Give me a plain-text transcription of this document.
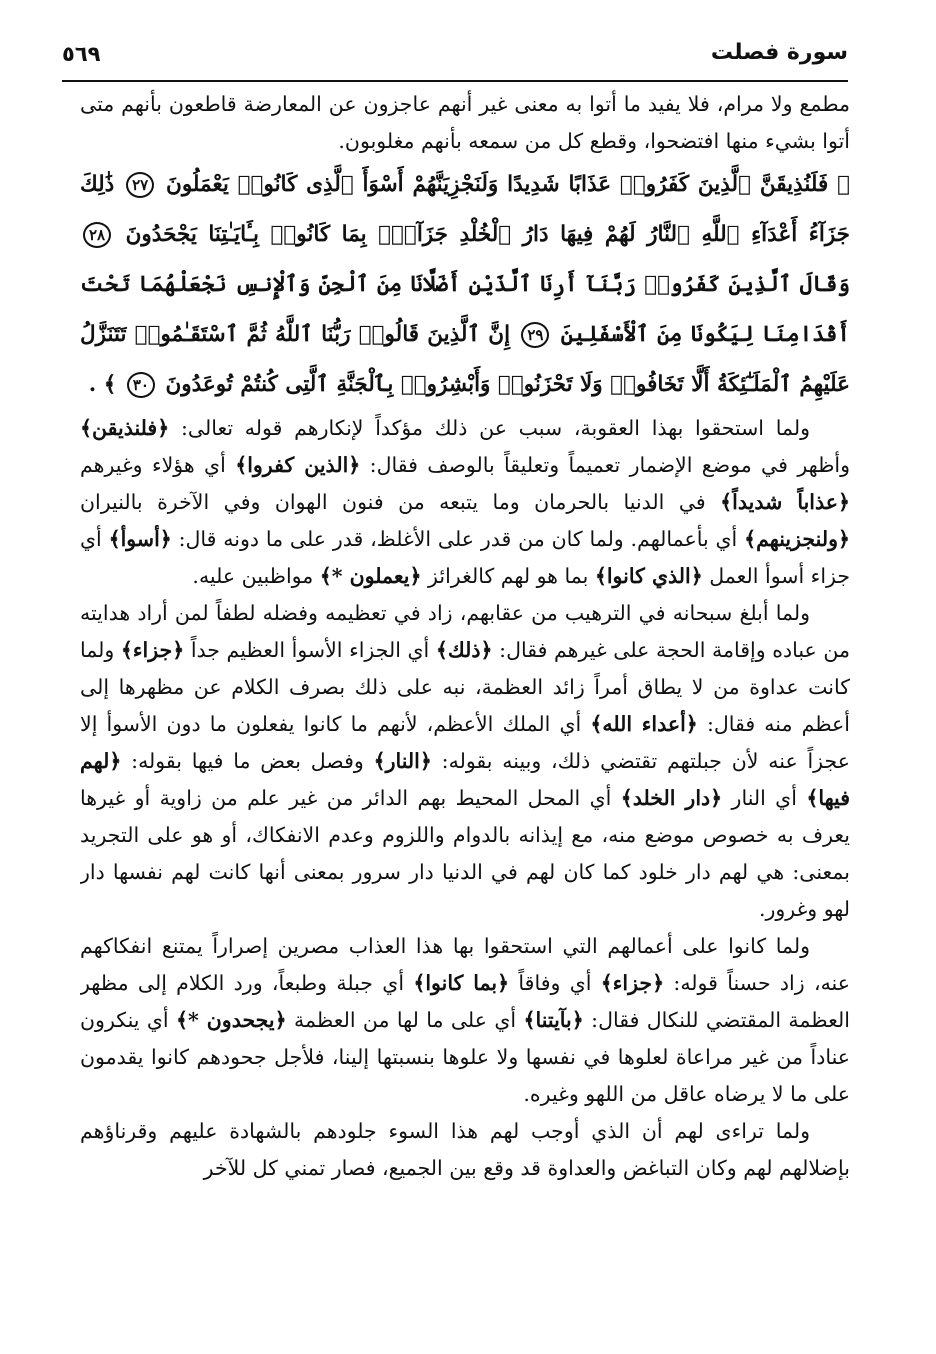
٥٦٩	سورة فصلت

مطمع ولا مرام، فلا يفيد ما أتوا به معنى غير أنهم عاجزون عن المعارضة قاطعون بأنهم متى أتوا بشيء منها افتضحوا، وقطع كل من سمعه بأنهم مغلوبون.

﴿ فَلَنُذِيقَنَّ ٱلَّذِينَ كَفَرُوا۟ عَذَابًا شَدِيدًا وَلَنَجْزِيَنَّهُمْ أَسْوَأَ ٱلَّذِى كَانُوا۟ يَعْمَلُونَ ٢٧ ذَٰلِكَ جَزَآءُ أَعْدَآءِ ٱللَّهِ ٱلنَّارُ لَهُمْ فِيهَا دَارُ ٱلْخُلْدِ جَزَآءًۢ بِمَا كَانُوا۟ بِـَٔايَـٰتِنَا يَجْحَدُونَ ٢٨ وَقَالَ ٱلَّذِينَ كَفَرُوا۟ رَبَّنَآ أَرِنَا ٱلَّذَيْنِ أَضَلَّانَا مِنَ ٱلْجِنِّ وَٱلْإِنسِ نَجْعَلْهُمَا تَحْتَ أَقْدَامِنَا لِيَكُونَا مِنَ ٱلْأَسْفَلِينَ ٢٩ إِنَّ ٱلَّذِينَ قَالُوا۟ رَبُّنَا ٱللَّهُ ثُمَّ ٱسْتَقَـٰمُوا۟ تَتَنَزَّلُ عَلَيْهِمُ ٱلْمَلَـٰٓئِكَةُ أَلَّا تَخَافُوا۟ وَلَا تَحْزَنُوا۟ وَأَبْشِرُوا۟ بِٱلْجَنَّةِ ٱلَّتِى كُنتُمْ تُوعَدُونَ ٣٠ ﴾ .

ولما استحقوا بهذا العقوبة، سبب عن ذلك مؤكداً لإنكارهم قوله تعالى: ﴿فلنذيقن﴾ وأظهر في موضع الإضمار تعميماً وتعليقاً بالوصف فقال: ﴿الذين كفروا﴾ أي هؤلاء وغيرهم ﴿عذاباً شديداً﴾ في الدنيا بالحرمان وما يتبعه من فنون الهوان وفي الآخرة بالنيران ﴿ولنجزينهم﴾ أي بأعمالهم. ولما كان من قدر على الأغلظ، قدر على ما دونه قال: ﴿أسوأ﴾ أي جزاء أسوأ العمل ﴿الذي كانوا﴾ بما هو لهم كالغرائز ﴿يعملون *﴾ مواظبين عليه.

ولما أبلغ سبحانه في الترهيب من عقابهم، زاد في تعظيمه وفضله لطفاً لمن أراد هدايته من عباده وإقامة الحجة على غيرهم فقال: ﴿ذلك﴾ أي الجزاء الأسوأ العظيم جداً ﴿جزاء﴾ ولما كانت عداوة من لا يطاق أمراً زائد العظمة، نبه على ذلك بصرف الكلام عن مظهرها إلى أعظم منه فقال: ﴿أعداء الله﴾ أي الملك الأعظم، لأنهم ما كانوا يفعلون ما دون الأسوأ إلا عجزاً عنه لأن جبلتهم تقتضي ذلك، وبينه بقوله: ﴿النار﴾ وفصل بعض ما فيها بقوله: ﴿لهم فيها﴾ أي النار ﴿دار الخلد﴾ أي المحل المحيط بهم الدائر من غير علم من زاوية أو غيرها يعرف به خصوص موضع منه، مع إيذانه بالدوام واللزوم وعدم الانفكاك، أو هو على التجريد بمعنى: هي لهم دار خلود كما كان لهم في الدنيا دار سرور بمعنى أنها كانت لهم نفسها دار لهو وغرور.

ولما كانوا على أعمالهم التي استحقوا بها هذا العذاب مصرين إصراراً يمتنع انفكاكهم عنه، زاد حسناً قوله: ﴿جزاء﴾ أي وفاقاً ﴿بما كانوا﴾ أي جبلة وطبعاً، ورد الكلام إلى مظهر العظمة المقتضي للنكال فقال: ﴿بآيتنا﴾ أي على ما لها من العظمة ﴿يجحدون *﴾ أي ينكرون عناداً من غير مراعاة لعلوها في نفسها ولا علوها بنسبتها إلينا، فلأجل جحودهم كانوا يقدمون على ما لا يرضاه عاقل من اللهو وغيره.

ولما تراءى لهم أن الذي أوجب لهم هذا السوء جلودهم بالشهادة عليهم وقرناؤهم بإضلالهم لهم وكان التباغض والعداوة قد وقع بين الجميع، فصار تمني كل للآخر
